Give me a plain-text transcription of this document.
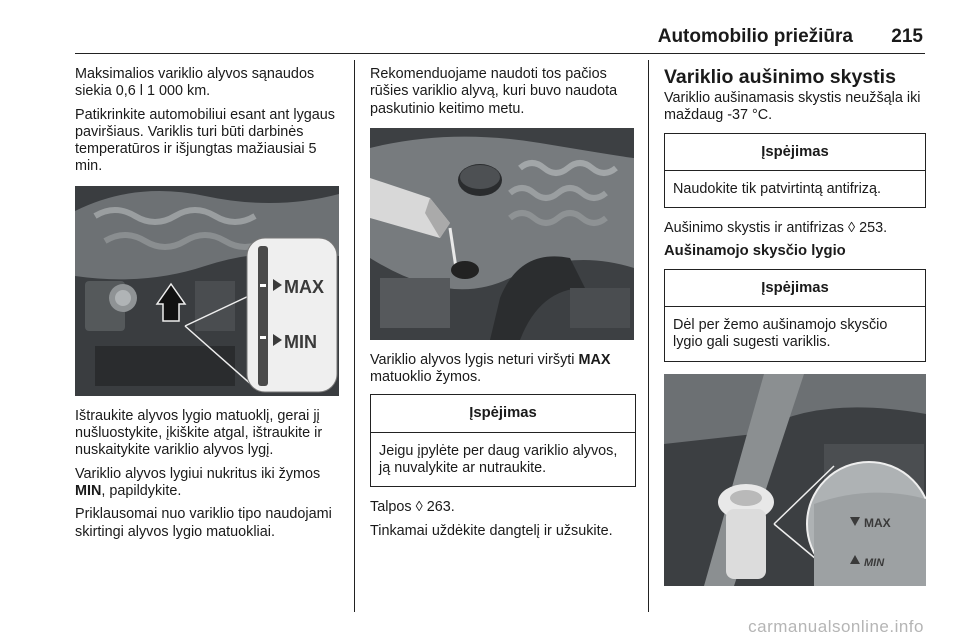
Automobilio priežiūra 215

Maksimalios variklio alyvos sąnaudos siekia 0,6 l 1 000 km.

Patikrinkite automobiliui esant ant lygaus paviršiaus. Variklis turi būti darbinės temperatūros ir išjungtas mažiausiai 5 min.

MAX
MIN

Ištraukite alyvos lygio matuoklį, gerai jį nušluostykite, įkiškite atgal, ištraukite ir nuskaitykite variklio alyvos lygį.

Variklio alyvos lygiui nukritus iki žymos MIN, papildykite.

Priklausomai nuo variklio tipo naudojami skirtingi alyvos lygio matuokliai.

Rekomenduojame naudoti tos pačios rūšies variklio alyvą, kuri buvo naudota paskutinio keitimo metu.

Variklio alyvos lygis neturi viršyti MAX matuoklio žymos.

Įspėjimas
Jeigu įpylėte per daug variklio alyvos, ją nuvalykite ar nutraukite.

Talpos ◊ 263.

Tinkamai uždėkite dangtelį ir užsukite.

Variklio aušinimo skystis

Variklio aušinamasis skystis neužšąla iki maždaug -37 °C.

Įspėjimas
Naudokite tik patvirtintą antifrizą.

Aušinimo skystis ir antifrizas ◊ 253.

Aušinamojo skysčio lygio

Įspėjimas
Dėl per žemo aušinamojo skysčio lygio gali sugesti variklis.
MAX
MIN
carmanualsonline.info
